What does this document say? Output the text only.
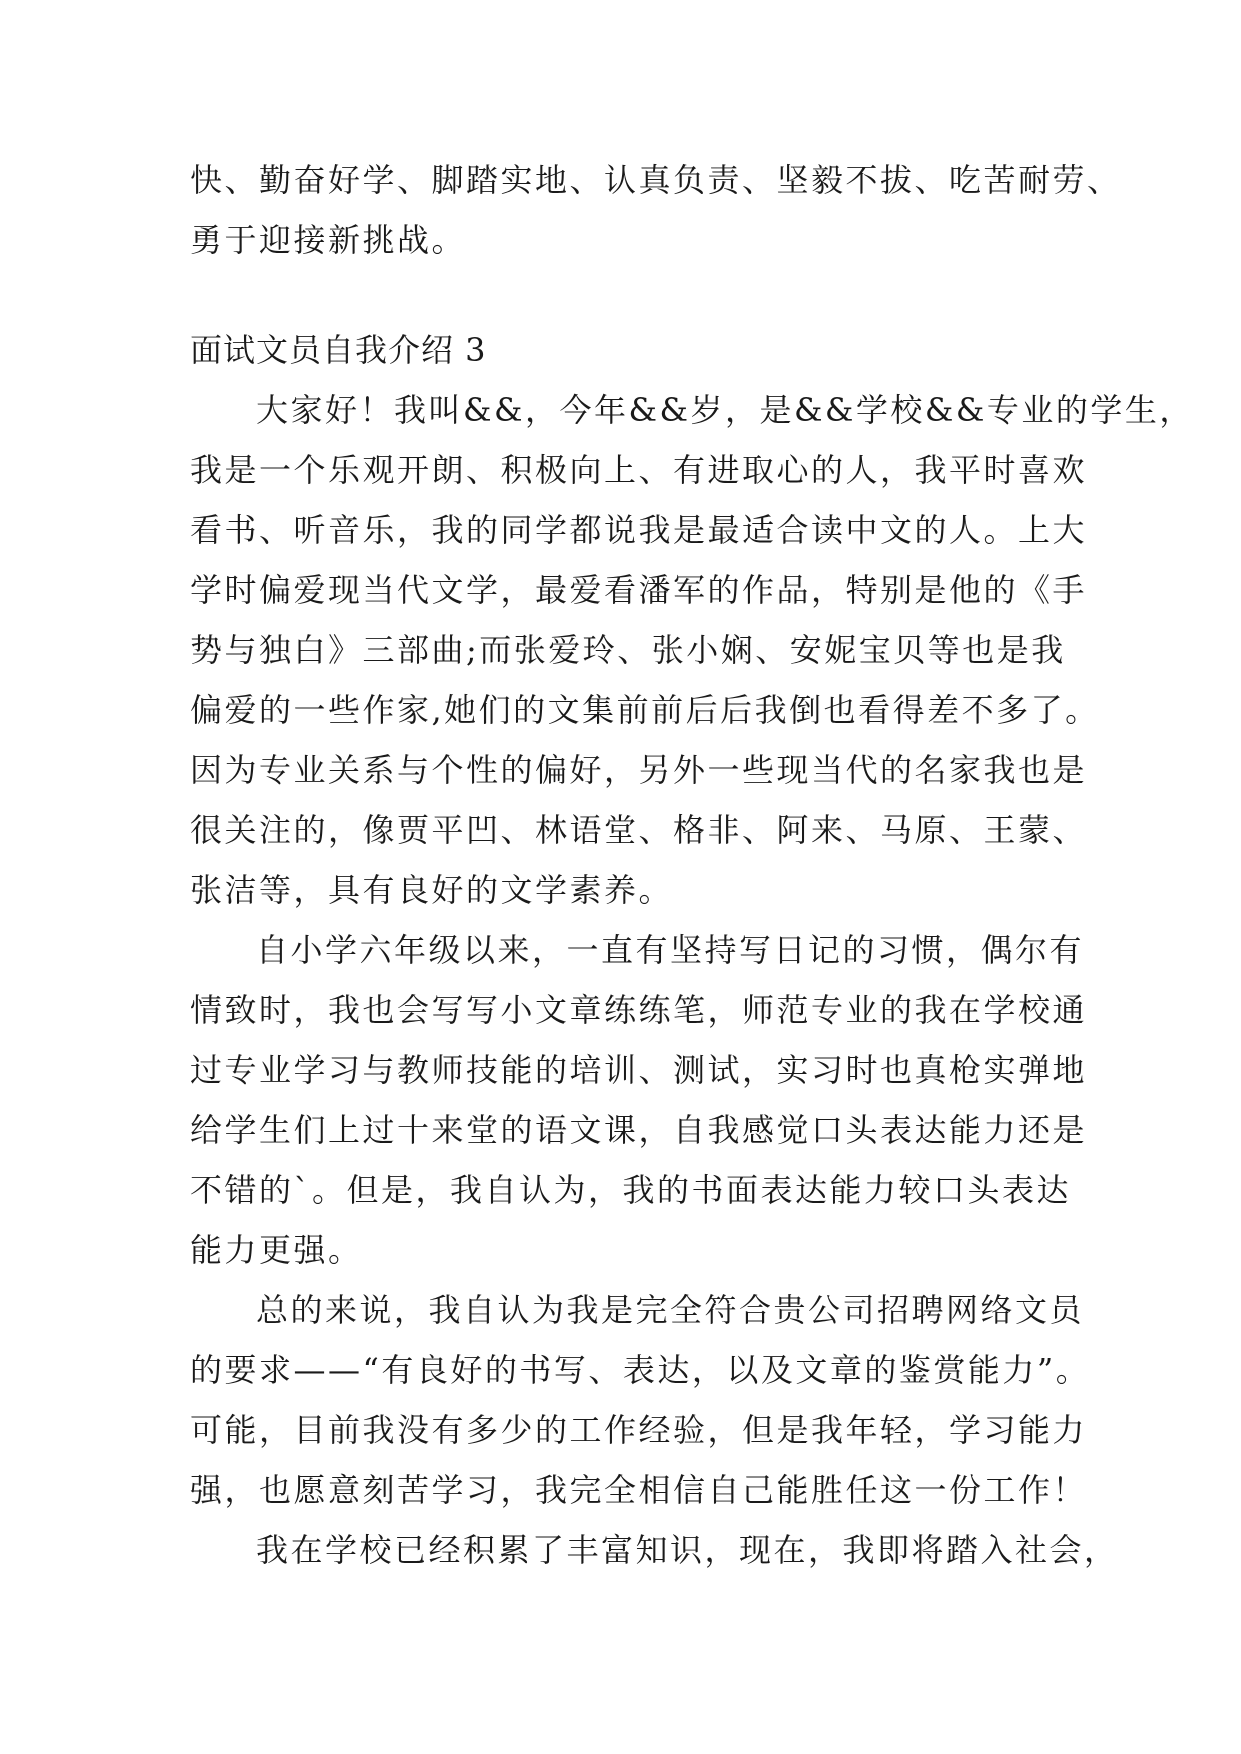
快、勤奋好学、脚踏实地、认真负责、坚毅不拔、吃苦耐劳、
勇于迎接新挑战。
面试文员自我介绍 3
大家好！我叫&&，今年&&岁，是&&学校&&专业的学生，
我是一个乐观开朗、积极向上、有进取心的人，我平时喜欢
看书、听音乐，我的同学都说我是最适合读中文的人。上大
学时偏爱现当代文学，最爱看潘军的作品，特别是他的《手
势与独白》三部曲;而张爱玲、张小娴、安妮宝贝等也是我
偏爱的一些作家,她们的文集前前后后我倒也看得差不多了。
因为专业关系与个性的偏好，另外一些现当代的名家我也是
很关注的，像贾平凹、林语堂、格非、阿来、马原、王蒙、
张洁等，具有良好的文学素养。
自小学六年级以来，一直有坚持写日记的习惯，偶尔有
情致时，我也会写写小文章练练笔，师范专业的我在学校通
过专业学习与教师技能的培训、测试，实习时也真枪实弹地
给学生们上过十来堂的语文课，自我感觉口头表达能力还是
不错的`。但是，我自认为，我的书面表达能力较口头表达
能力更强。
总的来说，我自认为我是完全符合贵公司招聘网络文员
的要求——“有良好的书写、表达，以及文章的鉴赏能力”。
可能，目前我没有多少的工作经验，但是我年轻，学习能力
强，也愿意刻苦学习，我完全相信自己能胜任这一份工作！
我在学校已经积累了丰富知识，现在，我即将踏入社会，
